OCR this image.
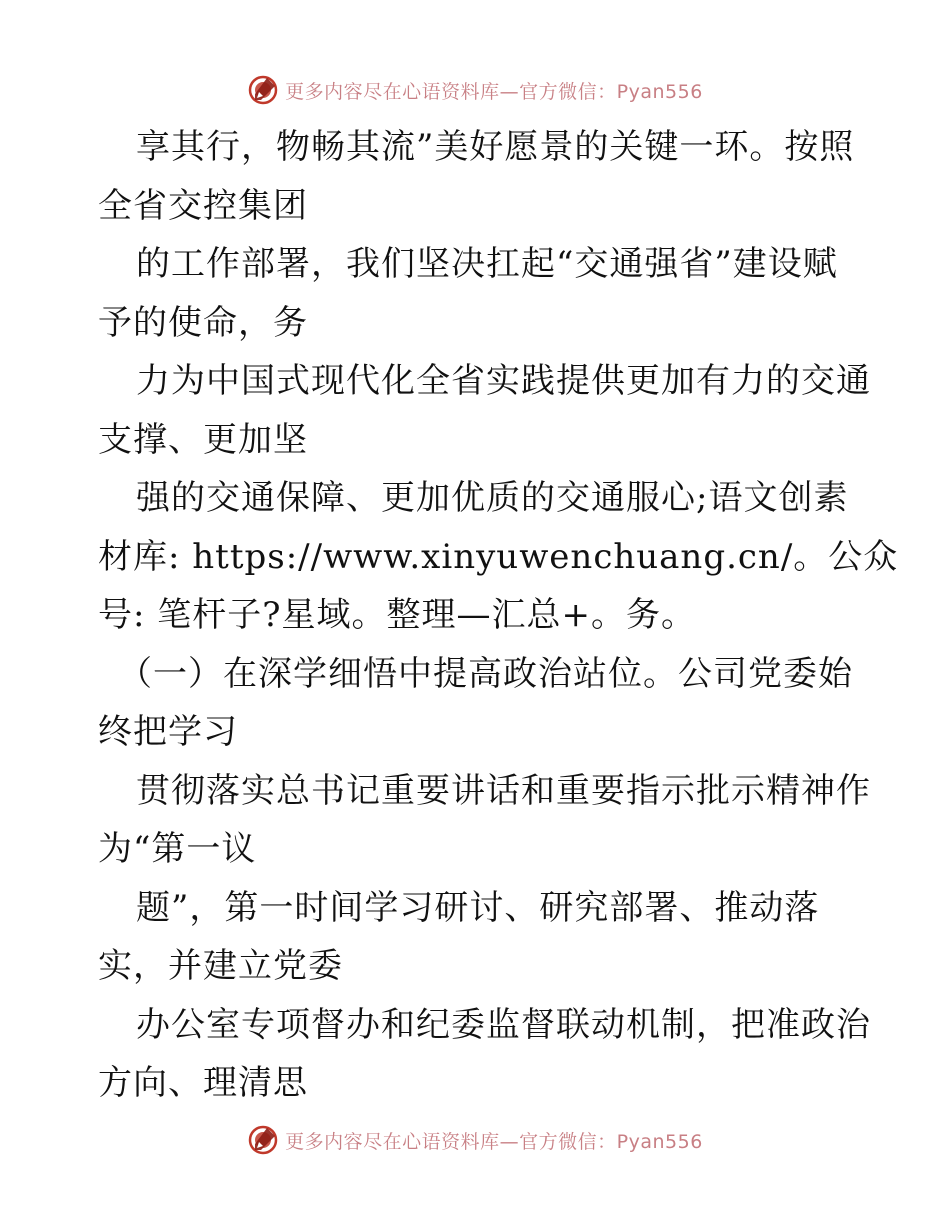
更多内容尽在心语资料库—官方微信：Pyan556
享其行，物畅其流”美好愿景的关键一环。按照
全省交控集团
的工作部署，我们坚决扛起“交通强省”建设赋
予的使命，务
力为中国式现代化全省实践提供更加有力的交通
支撑、更加坚
强的交通保障、更加优质的交通服心;语文创素
材库: https://www.xinyuwenchuang.cn/。公众
号: 笔杆子?星域。整理—汇总+。务。
（一）在深学细悟中提高政治站位。公司党委始
终把学习
贯彻落实总书记重要讲话和重要指示批示精神作
为“第一议
题”，第一时间学习研讨、研究部署、推动落
实，并建立党委
办公室专项督办和纪委监督联动机制，把准政治
方向、理清思
更多内容尽在心语资料库—官方微信：Pyan556
